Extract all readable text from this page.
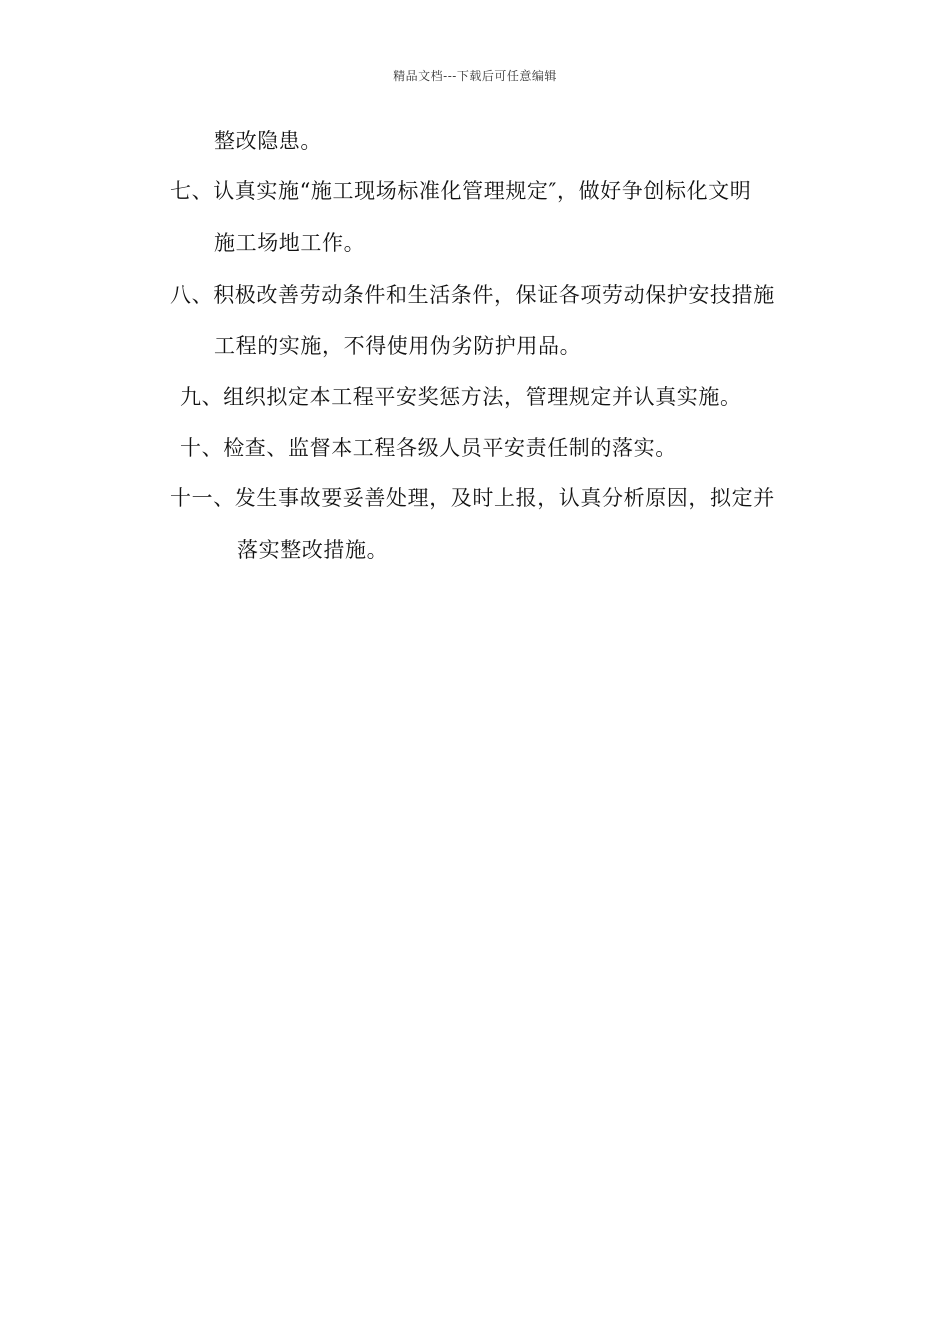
精品文档---下载后可任意编辑
整改隐患。
七、认真实施“施工现场标准化管理规定″，做好争创标化文明
施工场地工作。
八、积极改善劳动条件和生活条件，保证各项劳动保护安技措施
工程的实施，不得使用伪劣防护用品。
九、组织拟定本工程平安奖惩方法，管理规定并认真实施。
十、检查、监督本工程各级人员平安责任制的落实。
十一、发生事故要妥善处理，及时上报，认真分析原因，拟定并
落实整改措施。
